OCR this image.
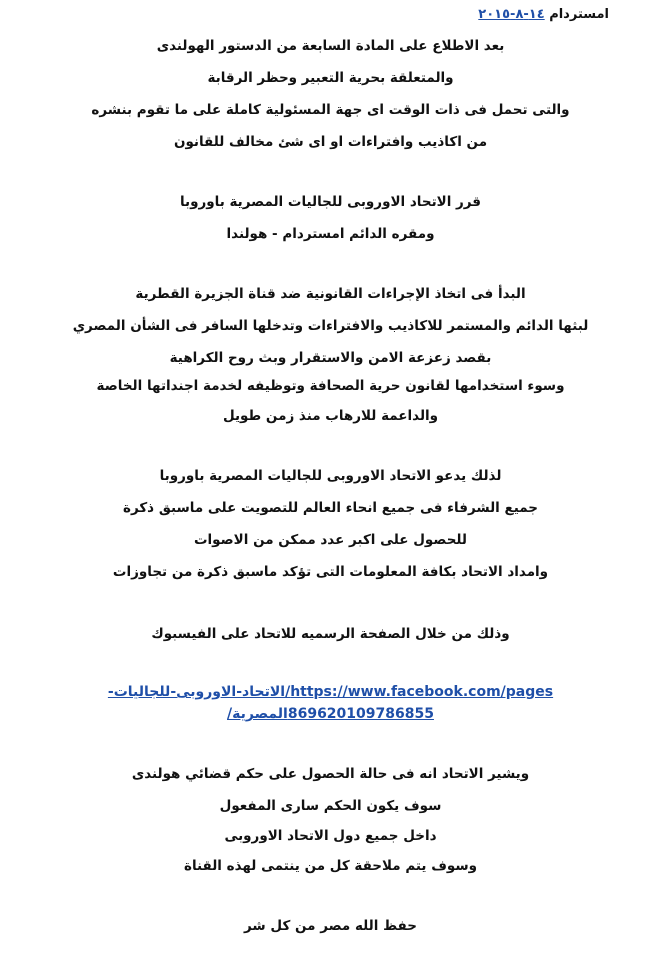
امستردام ١٤-٨-٢٠١٥
بعد الاطلاع على المادة السابعة من الدستور الهولندى
والمتعلقة بحرية التعبير وحظر الرقابة
والتى تحمل فى ذات الوقت اى جهة المسئولية كاملة على ما تقوم بنشره
من اكاذيب وافتراءات او اى شئ مخالف للقانون
قرر الاتحاد الاوروبى للجاليات المصرية باوروبا
ومقره الدائم امستردام - هولندا
البدأ فى اتخاذ الإجراءات القانونية ضد قناة الجزيرة القطرية
لبثها الدائم والمستمر للاكاذيب والافتراءات وتدخلها السافر فى الشأن المصري
بقصد زعزعة الامن والاستقرار وبث روح الكراهية
وسوء استخدامها لقانون حرية الصحافة وتوظيفه لخدمة اجنداتها الخاصة
والداعمة للارهاب منذ زمن طويل
لذلك يدعو الاتحاد الاوروبى للجاليات المصرية باوروبا
جميع الشرفاء فى جميع انحاء العالم للتصويت على ماسبق ذكرة
للحصول على اكبر عدد ممكن من الاصوات
وامداد الاتحاد بكافة المعلومات التى تؤكد ماسبق ذكرة من تجاوزات
وذلك من خلال الصفحة الرسميه للاتحاد على الفيسبوك
https://www.facebook.com/pages/الاتحاد-الاوروبى-للجاليات-
869620109786855المصرية/
ويشير الاتحاد انه فى حالة الحصول على حكم قضائي هولندى
سوف يكون الحكم سارى المفعول
داخل جميع دول الاتحاد الاوروبى
وسوف يتم ملاحقة كل من ينتمى لهذه القناة
حفظ الله مصر من كل شر
